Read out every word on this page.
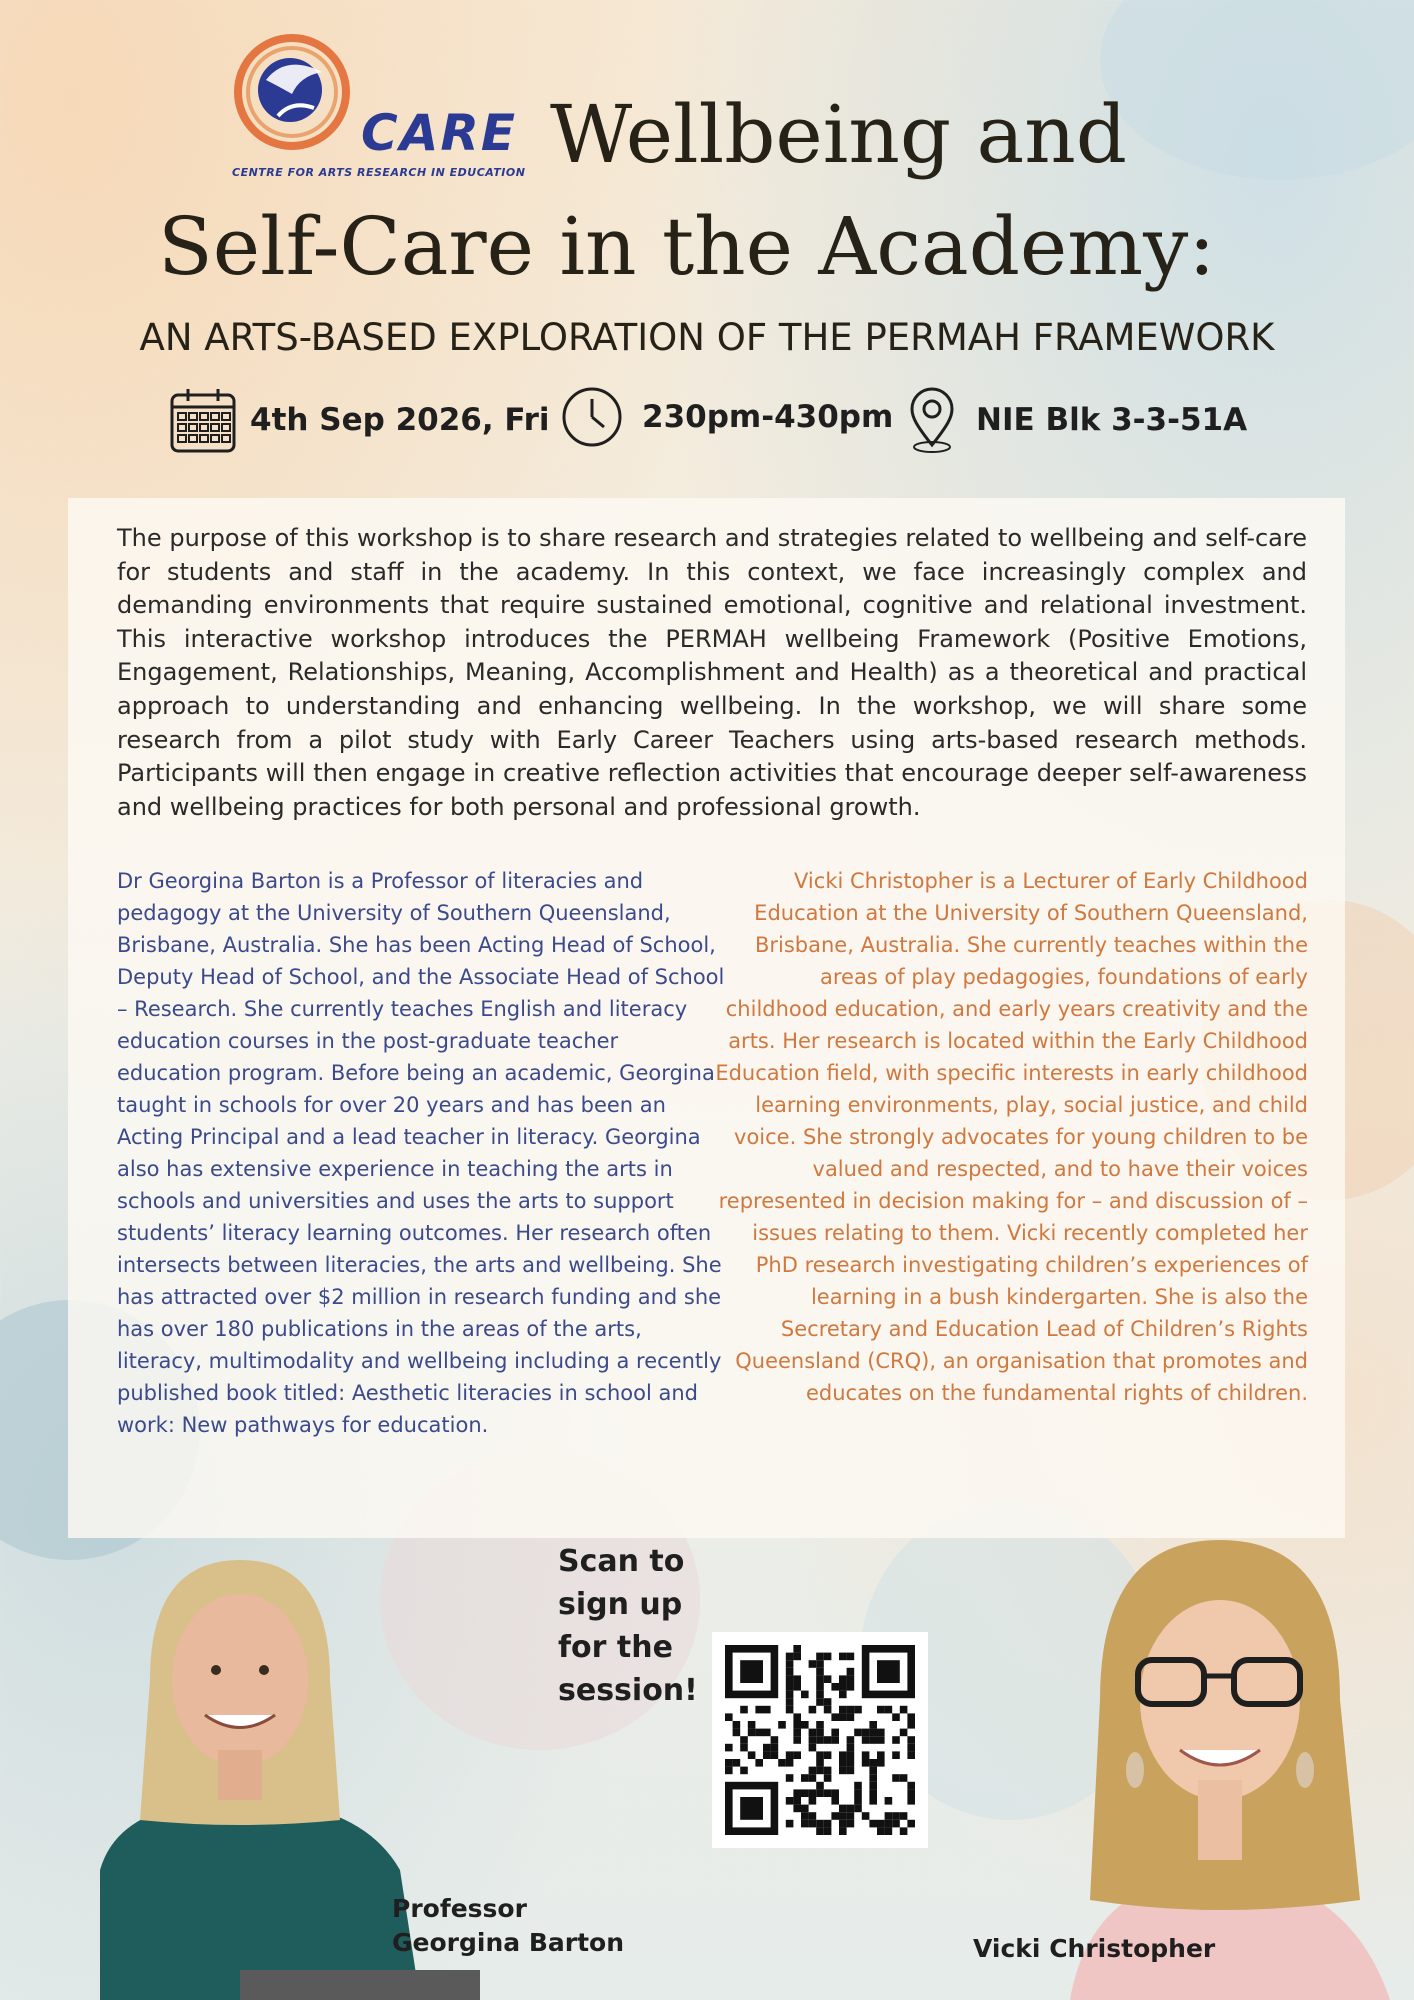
CARE
CENTRE FOR ARTS RESEARCH IN EDUCATION Wellbeing and
Self-Care in the Academy:
AN ARTS-BASED EXPLORATION OF THE PERMAH FRAMEWORK
4th Sep 2026, Fri	230pm-430pm	NIE Blk 3-3-51A

The purpose of this workshop is to share research and strategies related to wellbeing and self-care for students and staff in the academy. In this context, we face increasingly complex and demanding environments that require sustained emotional, cognitive and relational investment. This interactive workshop introduces the PERMAH wellbeing Framework (Positive Emotions, Engagement, Relationships, Meaning, Accomplishment and Health) as a theoretical and practical approach to understanding and enhancing wellbeing. In the workshop, we will share some research from a pilot study with Early Career Teachers using arts-based research methods. Participants will then engage in creative reflection activities that encourage deeper self-awareness and wellbeing practices for both personal and professional growth.

Dr Georgina Barton is a Professor of literacies and pedagogy at the University of Southern Queensland, Brisbane, Australia. She has been Acting Head of School, Deputy Head of School, and the Associate Head of School – Research. She currently teaches English and literacy education courses in the post-graduate teacher education program. Before being an academic, Georgina taught in schools for over 20 years and has been an Acting Principal and a lead teacher in literacy. Georgina also has extensive experience in teaching the arts in schools and universities and uses the arts to support students’ literacy learning outcomes. Her research often intersects between literacies, the arts and wellbeing. She has attracted over $2 million in research funding and she has over 180 publications in the areas of the arts, literacy, multimodality and wellbeing including a recently published book titled: Aesthetic literacies in school and work: New pathways for education.

Vicki Christopher is a Lecturer of Early Childhood Education at the University of Southern Queensland, Brisbane, Australia. She currently teaches within the areas of play pedagogies, foundations of early childhood education, and early years creativity and the arts. Her research is located within the Early Childhood Education field, with specific interests in early childhood learning environments, play, social justice, and child voice. She strongly advocates for young children to be valued and respected, and to have their voices represented in decision making for – and discussion of – issues relating to them. Vicki recently completed her PhD research investigating children’s experiences of learning in a bush kindergarten. She is also the Secretary and Education Lead of Children’s Rights Queensland (CRQ), an organisation that promotes and educates on the fundamental rights of children.

Scan to
sign up
for the
session!
Professor
Georgina Barton	Vicki Christopher
